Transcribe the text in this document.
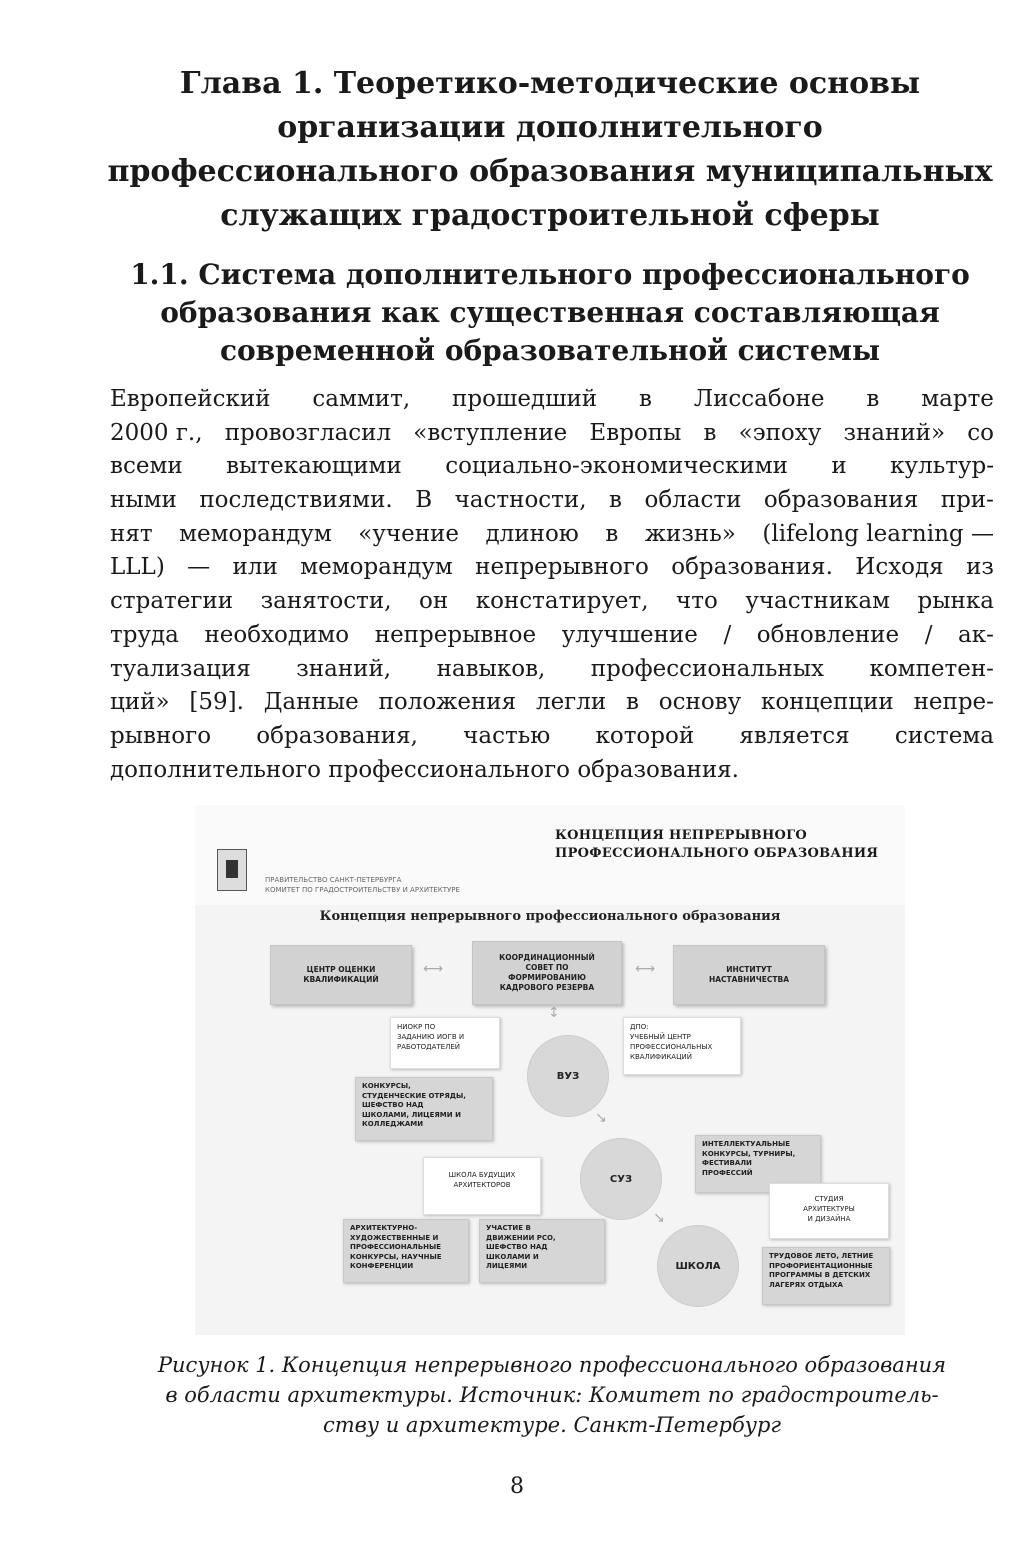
Глава 1. Теоретико-методические основы
организации дополнительного
профессионального образования муниципальных
служащих градостроительной сферы
1.1. Система дополнительного профессионального
образования как существенная составляющая
современной образовательной системы
Европейский саммит, прошедший в Лиссабоне в марте
2000 г., провозгласил «вступление Европы в «эпоху знаний» со
всеми вытекающими социально-экономическими и культур-
ными последствиями. В частности, в области образования при-
нят меморандум «учение длиною в жизнь» (lifelong learning —
LLL) — или меморандум непрерывного образования. Исходя из
стратегии занятости, он констатирует, что участникам рынка
труда необходимо непрерывное улучшение / обновление / ак-
туализация знаний, навыков, профессиональных компетен-
ций» [59]. Данные положения легли в основу концепции непре-
рывного образования, частью которой является система
дополнительного профессионального образования.
КОНЦЕПЦИЯ НЕПРЕРЫВНОГО
ПРОФЕССИОНАЛЬНОГО ОБРАЗОВАНИЯ
ПРАВИТЕЛЬСТВО САНКТ-ПЕТЕРБУРГА
КОМИТЕТ ПО ГРАДОСТРОИТЕЛЬСТВУ И АРХИТЕКТУРЕ
Концепция непрерывного профессионального образования
ЦЕНТР ОЦЕНКИ
КВАЛИФИКАЦИЙ
⟷
КООРДИНАЦИОННЫЙ
СОВЕТ ПО
ФОРМИРОВАНИЮ
КАДРОВОГО РЕЗЕРВА
⟷	ИНСТИТУТ
НАСТАВНИЧЕСТВА
НИОКР ПО
ЗАДАНИЮ ИОГВ И
РАБОТОДАТЕЛЕЙ
ДПО:
УЧЕБНЫЙ ЦЕНТР
ПРОФЕССИОНАЛЬНЫХ
КВАЛИФИКАЦИЙ
↕
ВУЗ
КОНКУРСЫ,
СТУДЕНЧЕСКИЕ ОТРЯДЫ,
ШЕФСТВО НАД
ШКОЛАМИ, ЛИЦЕЯМИ И
КОЛЛЕДЖАМИ	↘
СУЗ
ШКОЛА БУДУЩИХ
АРХИТЕКТОРОВ
ИНТЕЛЛЕКТУАЛЬНЫЕ
КОНКУРСЫ, ТУРНИРЫ,
ФЕСТИВАЛИ
ПРОФЕССИЙ
СТУДИЯ
АРХИТЕКТУРЫ
И ДИЗАЙНА
↘
АРХИТЕКТУРНО-
ХУДОЖЕСТВЕННЫЕ И
ПРОФЕССИОНАЛЬНЫЕ
КОНКУРСЫ, НАУЧНЫЕ
КОНФЕРЕНЦИИ
УЧАСТИЕ В
ДВИЖЕНИИ РСО,
ШЕФСТВО НАД
ШКОЛАМИ И
ЛИЦЕЯМИ	ШКОЛА
ТРУДОВОЕ ЛЕТО, ЛЕТНИЕ
ПРОФОРИЕНТАЦИОННЫЕ
ПРОГРАММЫ В ДЕТСКИХ
ЛАГЕРЯХ ОТДЫХА
Рисунок 1. Концепция непрерывного профессионального образования
в области архитектуры. Источник: Комитет по градостроитель-
ству и архитектуре. Санкт-Петербург
8
